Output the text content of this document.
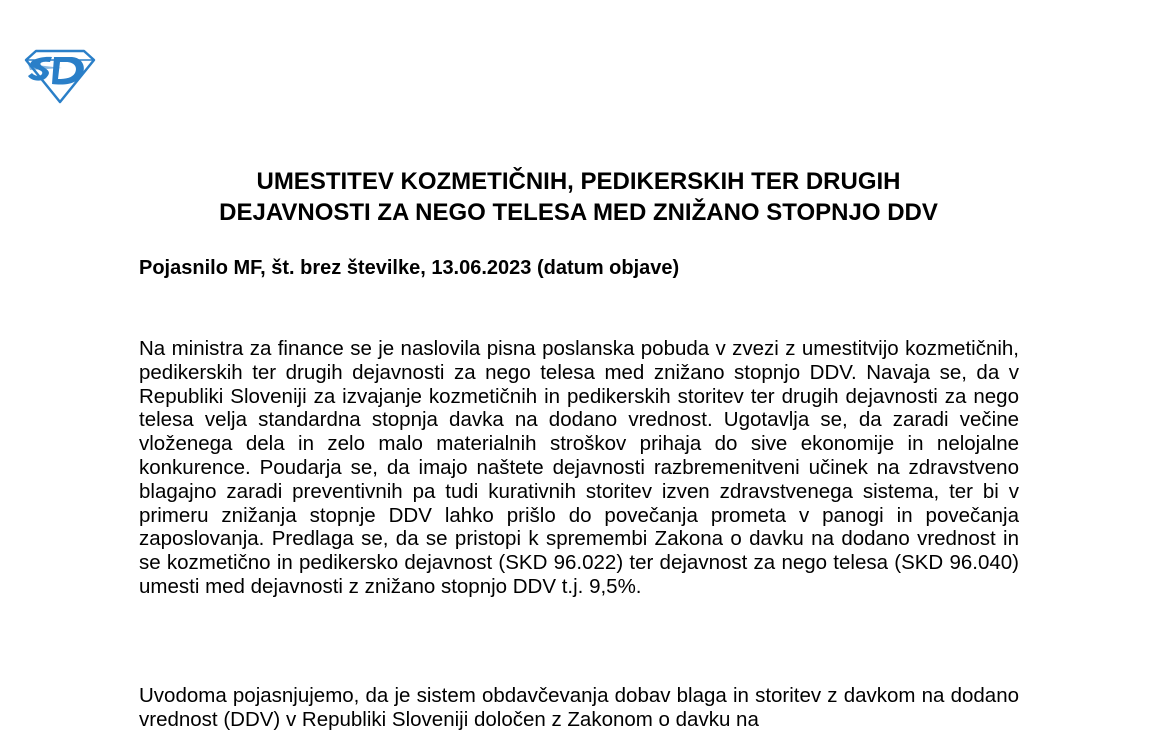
UMESTITEV KOZMETIČNIH, PEDIKERSKIH TER DRUGIH
DEJAVNOSTI ZA NEGO TELESA MED ZNIŽANO STOPNJO DDV

Pojasnilo MF, št. brez številke, 13.06.2023 (datum objave)

Na ministra za finance se je naslovila pisna poslanska pobuda v zvezi z umestitvijo kozmetičnih, pedikerskih ter drugih dejavnosti za nego telesa med znižano stopnjo DDV. Navaja se, da v Republiki Sloveniji za izvajanje kozmetičnih in pedikerskih storitev ter drugih dejavnosti za nego telesa velja standardna stopnja davka na dodano vrednost. Ugotavlja se, da zaradi večine vloženega dela in zelo malo materialnih stroškov prihaja do sive ekonomije in nelojalne konkurence. Poudarja se, da imajo naštete dejavnosti razbremenitveni učinek na zdravstveno blagajno zaradi preventivnih pa tudi kurativnih storitev izven zdravstvenega sistema, ter bi v primeru znižanja stopnje DDV lahko prišlo do povečanja prometa v panogi in povečanja zaposlovanja. Predlaga se, da se pristopi k spremembi Zakona o davku na dodano vrednost in se kozmetično in pedikersko dejavnost (SKD 96.022) ter dejavnost za nego telesa (SKD 96.040) umesti med dejavnosti z znižano stopnjo DDV t.j. 9,5%.

Uvodoma pojasnjujemo, da je sistem obdavčevanja dobav blaga in storitev z davkom na dodano vrednost (DDV) v Republiki Sloveniji določen z Zakonom o davku na
